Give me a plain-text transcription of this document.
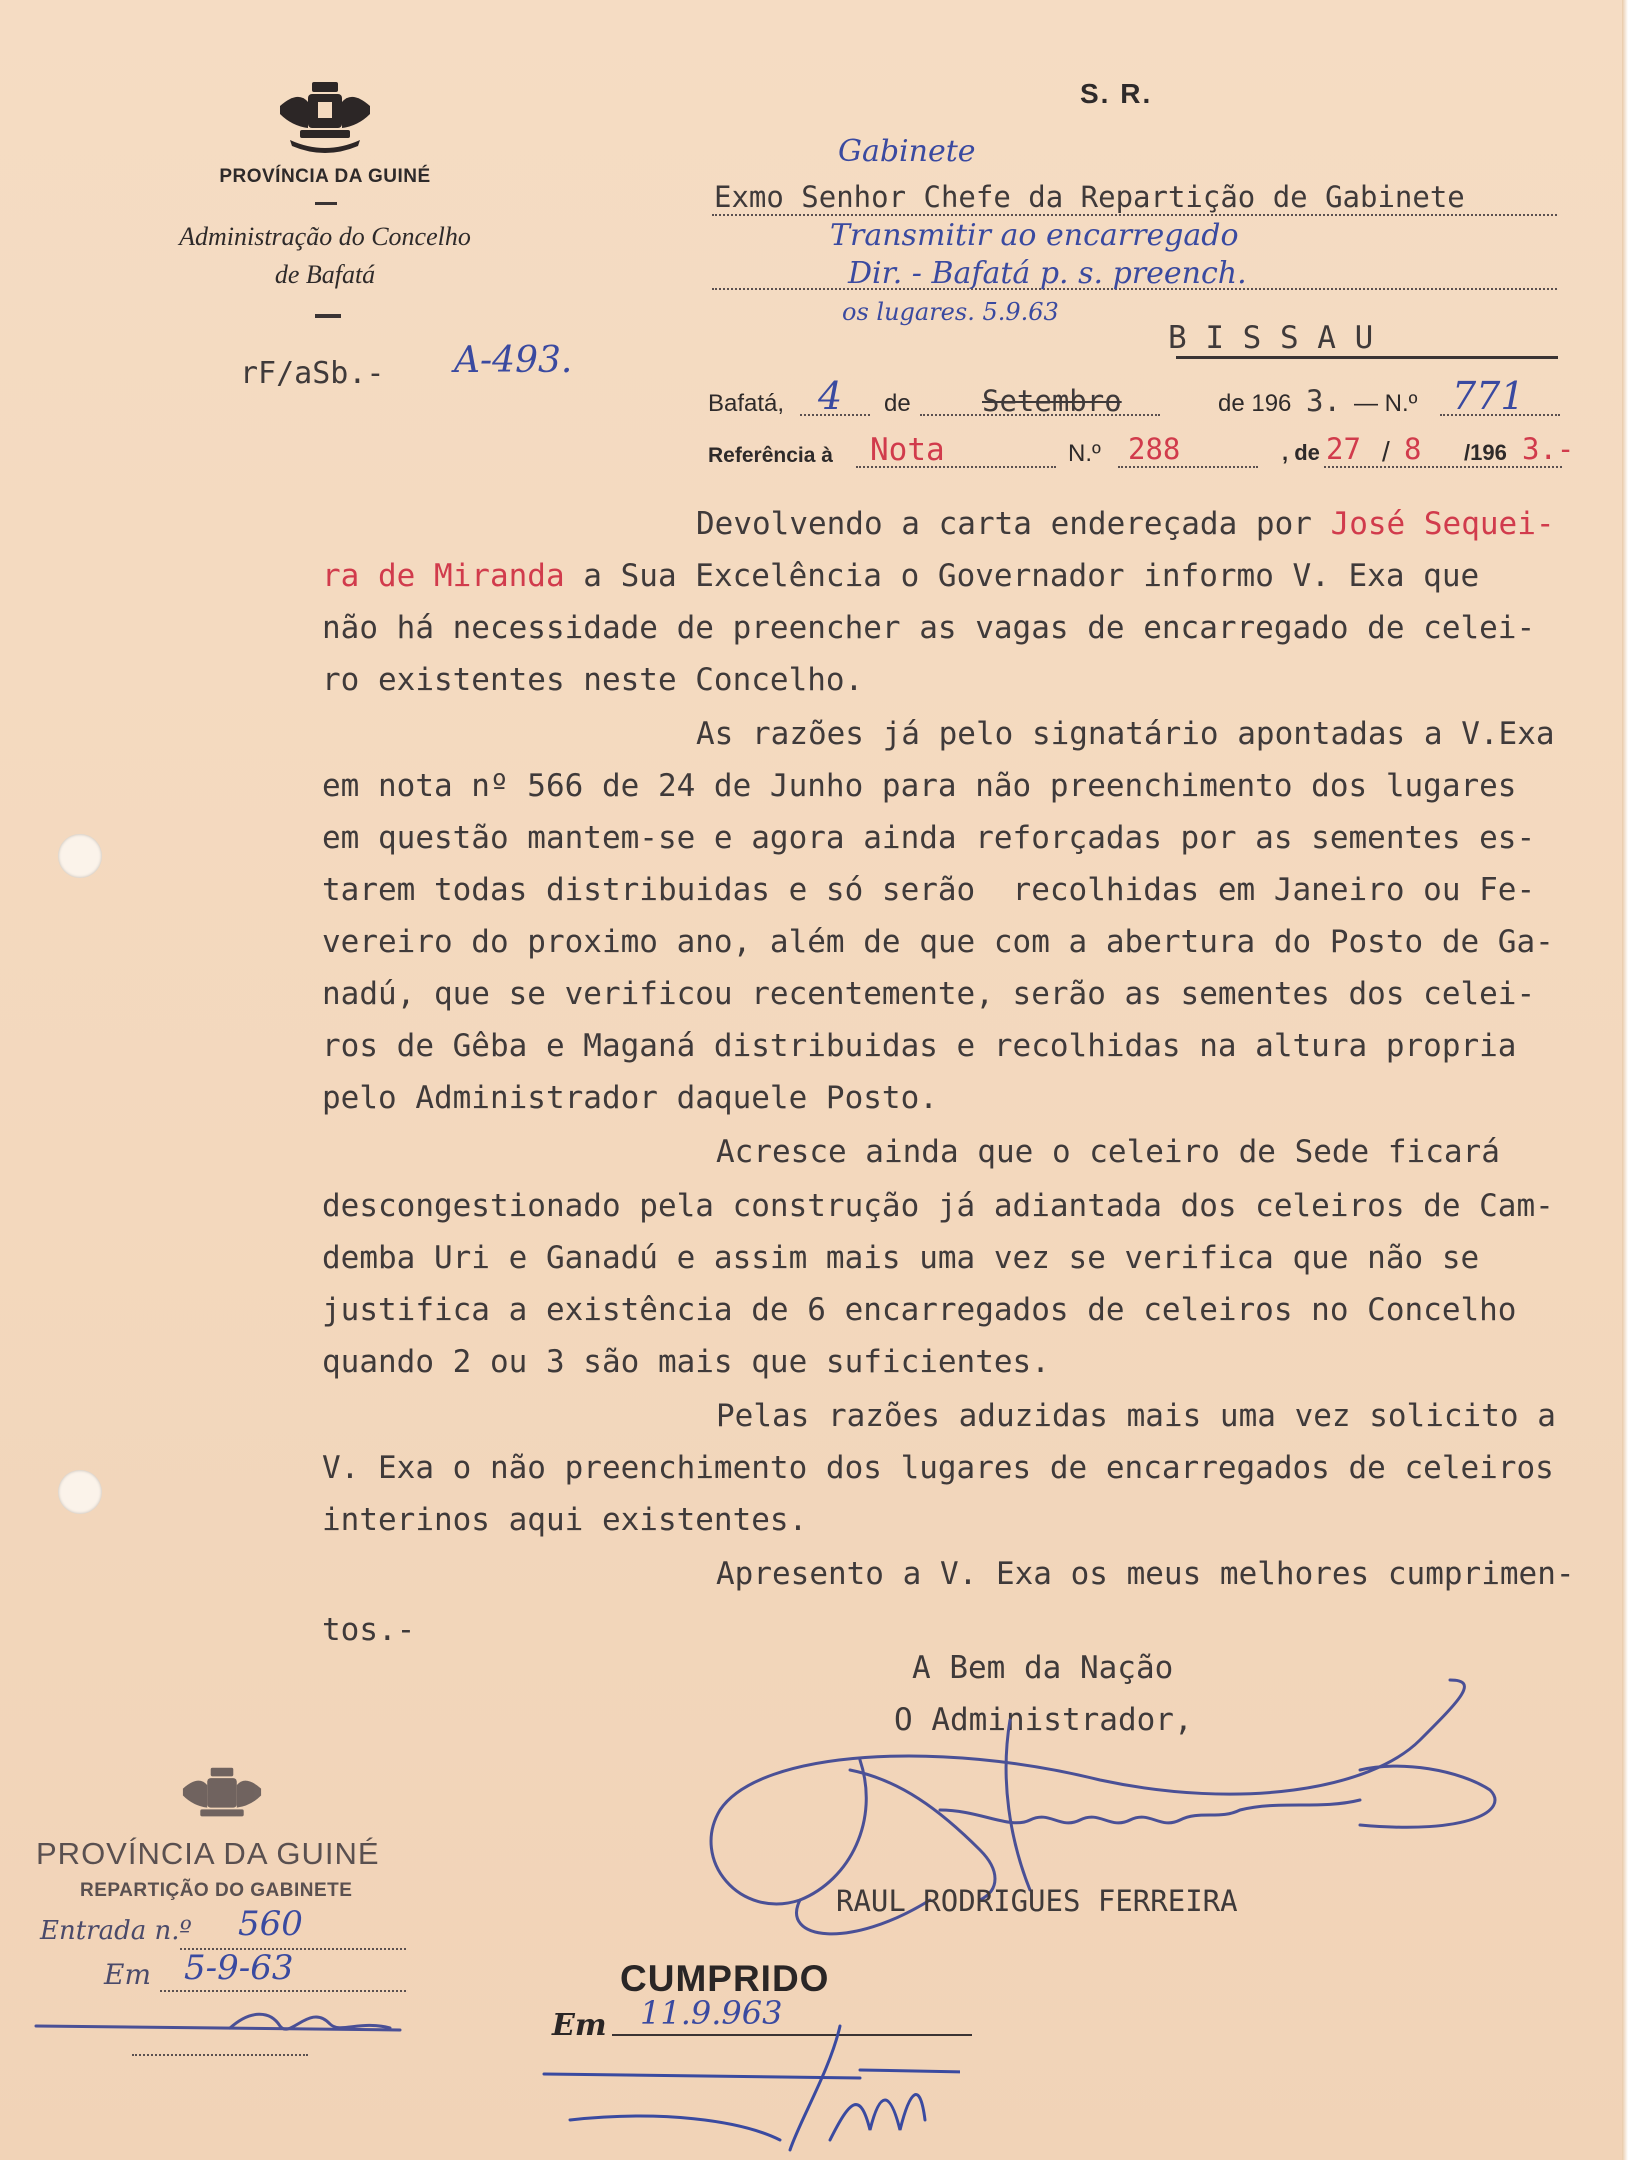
PROVÍNCIA DA GUINÉ
Administração do Concelho
de Bafatá
rF/aSb.- A-493.
S. R.
Gabinete
Exmo Senhor Chefe da Repartição de Gabinete
Transmitir ao encarregado
Dir. - Bafatá p. s. preench.
os lugares. 5.9.63
B I S S A U
Bafatá, 4 de Setembro	de 196 3. — N.º 771
Referência à Nota	N.º 288	, de 27 / 8 /196 3.-
Devolvendo a carta endereçada por José Sequei-
ra de Miranda a Sua Excelência o Governador informo V. Exa que
não há necessidade de preencher as vagas de encarregado de celei-
ro existentes neste Concelho.
As razões já pelo signatário apontadas a V.Exa
em nota nº 566 de 24 de Junho para não preenchimento dos lugares
em questão mantem-se e agora ainda reforçadas por as sementes es-
tarem todas distribuidas e só serão  recolhidas em Janeiro ou Fe-
vereiro do proximo ano, além de que com a abertura do Posto de Ga-
nadú, que se verificou recentemente, serão as sementes dos celei-
ros de Gêba e Maganá distribuidas e recolhidas na altura propria
pelo Administrador daquele Posto.
Acresce ainda que o celeiro de Sede ficará
descongestionado pela construção já adiantada dos celeiros de Cam-
demba Uri e Ganadú e assim mais uma vez se verifica que não se
justifica a existência de 6 encarregados de celeiros no Concelho
quando 2 ou 3 são mais que suficientes.
Pelas razões aduzidas mais uma vez solicito a
V. Exa o não preenchimento dos lugares de encarregados de celeiros
interinos aqui existentes.
Apresento a V. Exa os meus melhores cumprimen-
tos.-
A Bem da Nação
O Administrador,
RAUL RODRIGUES FERREIRA
PROVÍNCIA DA GUINÉ
REPARTIÇÃO DO GABINETE
Entrada n.º 560
Em 5-9-63	CUMPRIDO
Em 11.9.963
